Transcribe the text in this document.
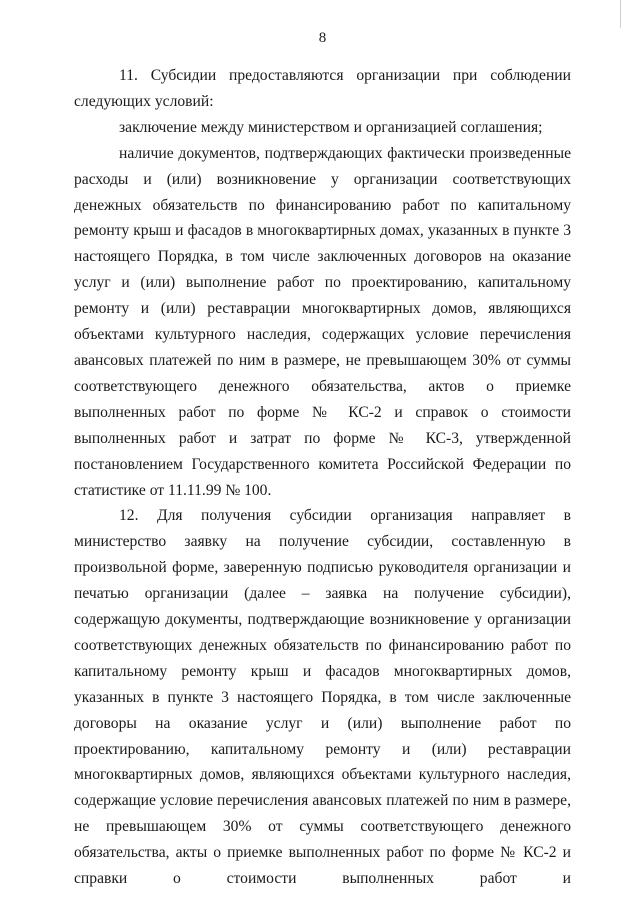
8

11. Субсидии предоставляются организации при соблюдении следующих условий:

заключение между министерством и организацией соглашения;

наличие документов, подтверждающих фактически произведенные расходы и (или) возникновение у организации соответствующих денежных обязательств по финансированию работ по капитальному ремонту крыш и фасадов в многоквартирных домах, указанных в пункте 3 настоящего Порядка, в том числе заключенных договоров на оказание услуг и (или) выполнение работ по проектированию, капитальному ремонту и (или) реставрации многоквартирных домов, являющихся объектами культурного наследия, содержащих условие перечисления авансовых платежей по ним в размере, не превышающем 30% от суммы соответствующего денежного обязательства, актов о приемке выполненных работ по форме № КС-2 и справок о стоимости выполненных работ и затрат по форме № КС-3, утвержденной постановлением Государственного комитета Российской Федерации по статистике от 11.11.99 № 100.

12. Для получения субсидии организация направляет в министерство заявку на получение субсидии, составленную в произвольной форме, заверенную подписью руководителя организации и печатью организации (далее – заявка на получение субсидии), содержащую документы, подтверждающие возникновение у организации соответствующих денежных обязательств по финансированию работ по капитальному ремонту крыш и фасадов многоквартирных домов, указанных в пункте 3 настоящего Порядка, в том числе заключенные договоры на оказание услуг и (или) выполнение работ по проектированию, капитальному ремонту и (или) реставрации многоквартирных домов, являющихся объектами культурного наследия, содержащие условие перечисления авансовых платежей по ним в размере, не превышающем 30% от суммы соответствующего денежного обязательства, акты о приемке выполненных работ по форме № КС-2 и справки о стоимости выполненных работ и
